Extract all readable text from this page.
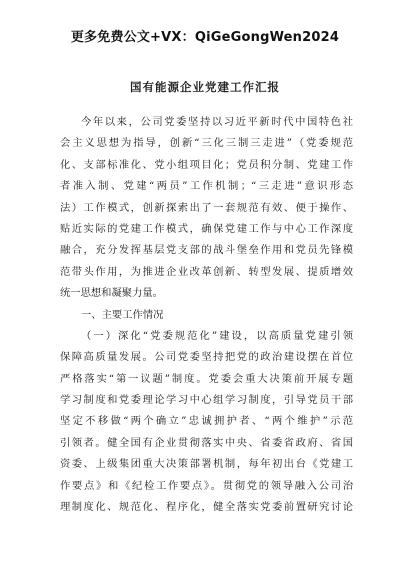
更多免费公文+VX：QiGeGongWen2024
国有能源企业党建工作汇报
今年以来，公司党委坚持以习近平新时代中国特色社
会主义思想为指导，创新“三化三制三走进”（党委规范
化、支部标准化、党小组项目化；党员积分制、党建工作
者准入制、党建“两员”工作机制；“三走进”意识形态
法）工作模式，创新探索出了一套规范有效、便于操作、
贴近实际的党建工作模式，确保党建工作与中心工作深度
融合，充分发挥基层党支部的战斗堡垒作用和党员先锋模
范带头作用，为推进企业改革创新、转型发展、提质增效
统一思想和凝聚力量。
一、主要工作情况
（一）深化“党委规范化”建设，以高质量党建引领
保障高质量发展。公司党委坚持把党的政治建设摆在首位
严格落实“第一议题”制度。党委会重大决策前开展专题
学习制度和党委理论学习中心组学习制度，引导党员干部
坚定不移做“两个确立”忠诚拥护者、“两个维护”示范
引领者。健全国有企业贯彻落实中央、省委省政府、省国
资委、上级集团重大决策部署机制，每年初出台《党建工
作要点》和《纪检工作要点》。贯彻党的领导融入公司治
理制度化、规范化、程序化，健全落实党委前置研究讨论
